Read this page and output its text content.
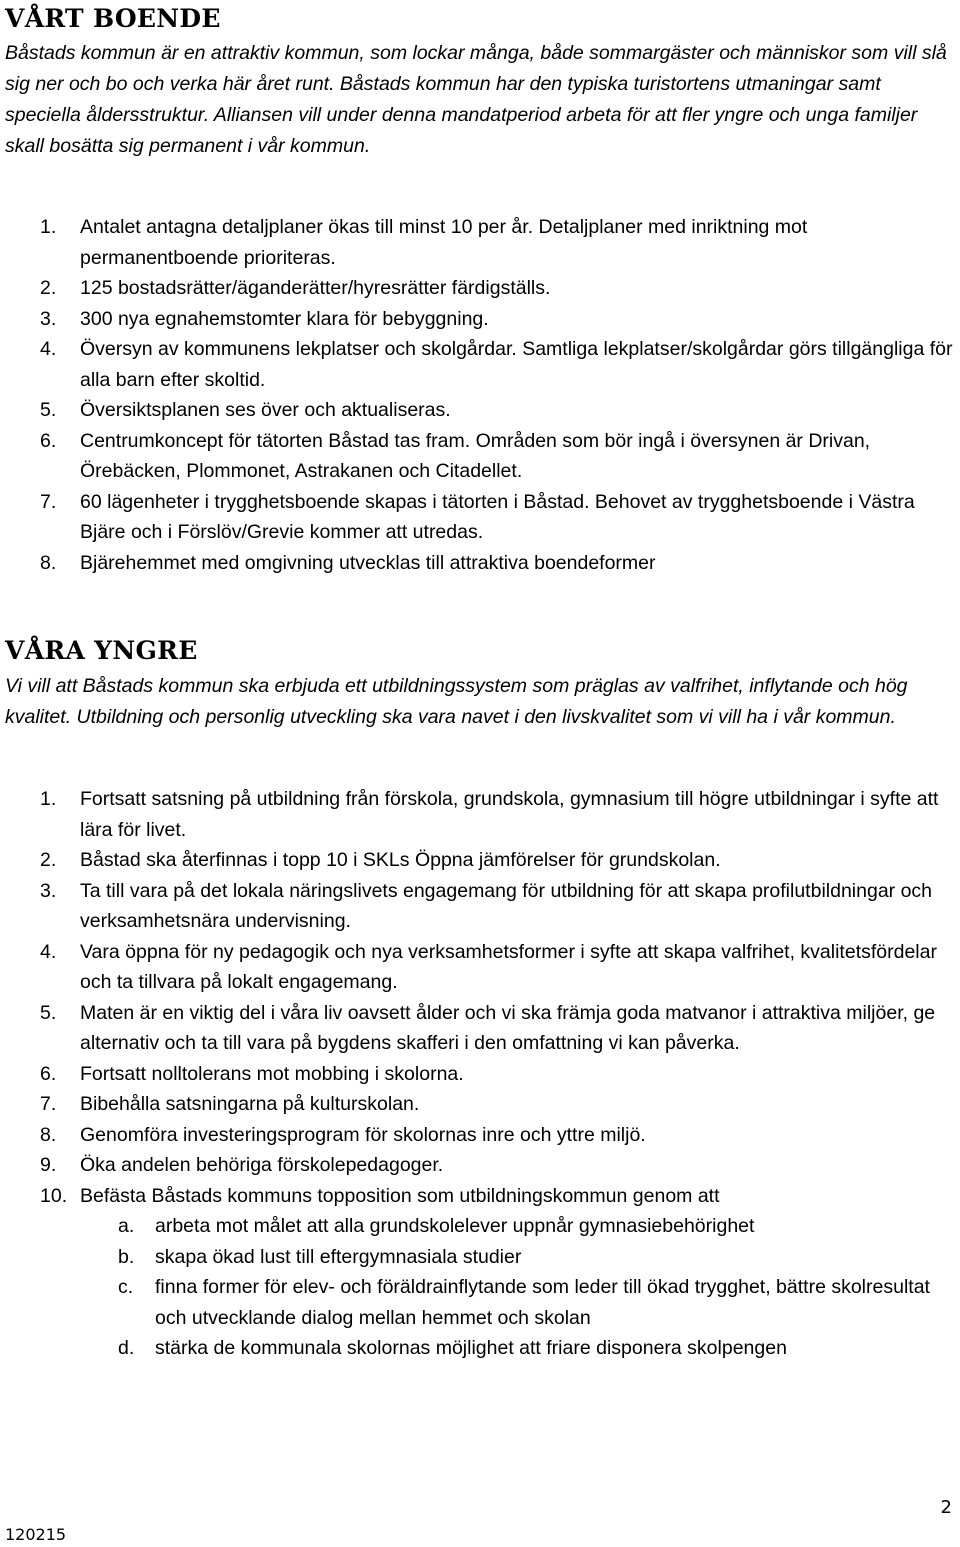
VÅRT BOENDE

Båstads kommun är en attraktiv kommun, som lockar många, både sommargäster och människor som vill slå sig ner och bo och verka här året runt. Båstads kommun har den typiska turistortens utmaningar samt speciella åldersstruktur. Alliansen vill under denna mandatperiod arbeta för att fler yngre och unga familjer skall bosätta sig permanent i vår kommun.

1. Antalet antagna detaljplaner ökas till minst 10 per år. Detaljplaner med inriktning mot permanentboende prioriteras.
2. 125 bostadsrätter/äganderätter/hyresrätter färdigställs.
3. 300 nya egnahemstomter klara för bebyggning.
4. Översyn av kommunens lekplatser och skolgårdar. Samtliga lekplatser/skolgårdar görs tillgängliga för alla barn efter skoltid.
5. Översiktsplanen ses över och aktualiseras.
6. Centrumkoncept för tätorten Båstad tas fram. Områden som bör ingå i översynen är Drivan, Örebäcken, Plommonet, Astrakanen och Citadellet.
7. 60 lägenheter i trygghetsboende skapas i tätorten i Båstad. Behovet av trygghetsboende i Västra Bjäre och i Förslöv/Grevie kommer att utredas.
8. Bjärehemmet med omgivning utvecklas till attraktiva boendeformer
VÅRA YNGRE

Vi vill att Båstads kommun ska erbjuda ett utbildningssystem som präglas av valfrihet, inflytande och hög kvalitet. Utbildning och personlig utveckling ska vara navet i den livskvalitet som vi vill ha i vår kommun.

1. Fortsatt satsning på utbildning från förskola, grundskola, gymnasium till högre utbildningar i syfte att lära för livet.
2. Båstad ska återfinnas i topp 10 i SKLs Öppna jämförelser för grundskolan.
3. Ta till vara på det lokala näringslivets engagemang för utbildning för att skapa profilutbildningar och verksamhetsnära undervisning.
4. Vara öppna för ny pedagogik och nya verksamhetsformer i syfte att skapa valfrihet, kvalitetsfördelar och ta tillvara på lokalt engagemang.
5. Maten är en viktig del i våra liv oavsett ålder och vi ska främja goda matvanor i attraktiva miljöer, ge alternativ och ta till vara på bygdens skafferi i den omfattning vi kan påverka.
6. Fortsatt nolltolerans mot mobbing i skolorna.
7. Bibehålla satsningarna på kulturskolan.
8. Genomföra investeringsprogram för skolornas inre och yttre miljö.
9. Öka andelen behöriga förskolepedagoger.
10. Befästa Båstads kommuns topposition som utbildningskommun genom att
a. arbeta mot målet att alla grundskolelever uppnår gymnasiebehörighet
b. skapa ökad lust till eftergymnasiala studier
c. finna former för elev- och föräldrainflytande som leder till ökad trygghet, bättre skolresultat och utvecklande dialog mellan hemmet och skolan
d. stärka de kommunala skolornas möjlighet att friare disponera skolpengen
2
120215
